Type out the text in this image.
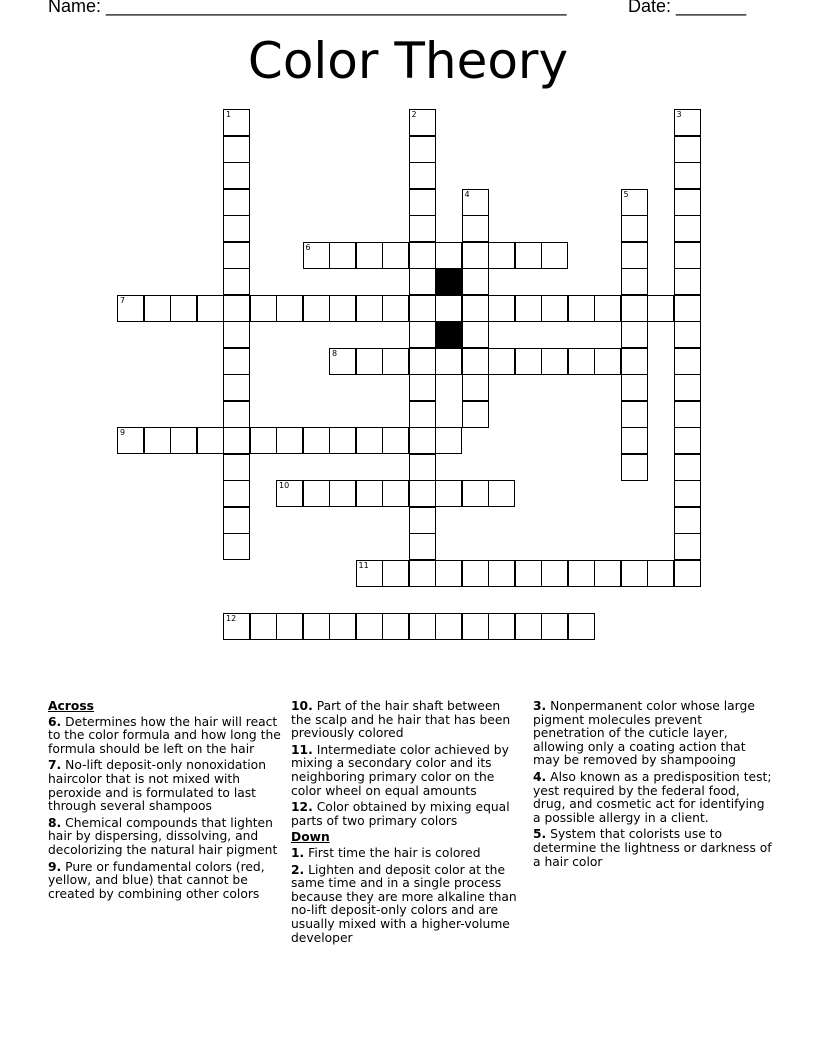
Name: ______________________________________________	Date: _______
Color Theory
1	2	3
4	5
6
7
8
9
10
11
12
Across
6. Determines how the hair will react to the color formula and how long the formula should be left on the hair
7. No-lift deposit-only nonoxidation haircolor that is not mixed with peroxide and is formulated to last through several shampoos
8. Chemical compounds that lighten hair by dispersing, dissolving, and decolorizing the natural hair pigment
9. Pure or fundamental colors (red, yellow, and blue) that cannot be created by combining other colors
10. Part of the hair shaft between the scalp and he hair that has been previously colored
11. Intermediate color achieved by mixing a secondary color and its neighboring primary color on the color wheel on equal amounts
12. Color obtained by mixing equal parts of two primary colors
Down
1. First time the hair is colored
2. Lighten and deposit color at the same time and in a single process because they are more alkaline than no-lift deposit-only colors and are usually mixed with a higher-volume developer
3. Nonpermanent color whose large pigment molecules prevent penetration of the cuticle layer, allowing only a coating action that may be removed by shampooing
4. Also known as a predisposition test; yest required by the federal food, drug, and cosmetic act for identifying a possible allergy in a client.
5. System that colorists use to determine the lightness or darkness of a hair color
